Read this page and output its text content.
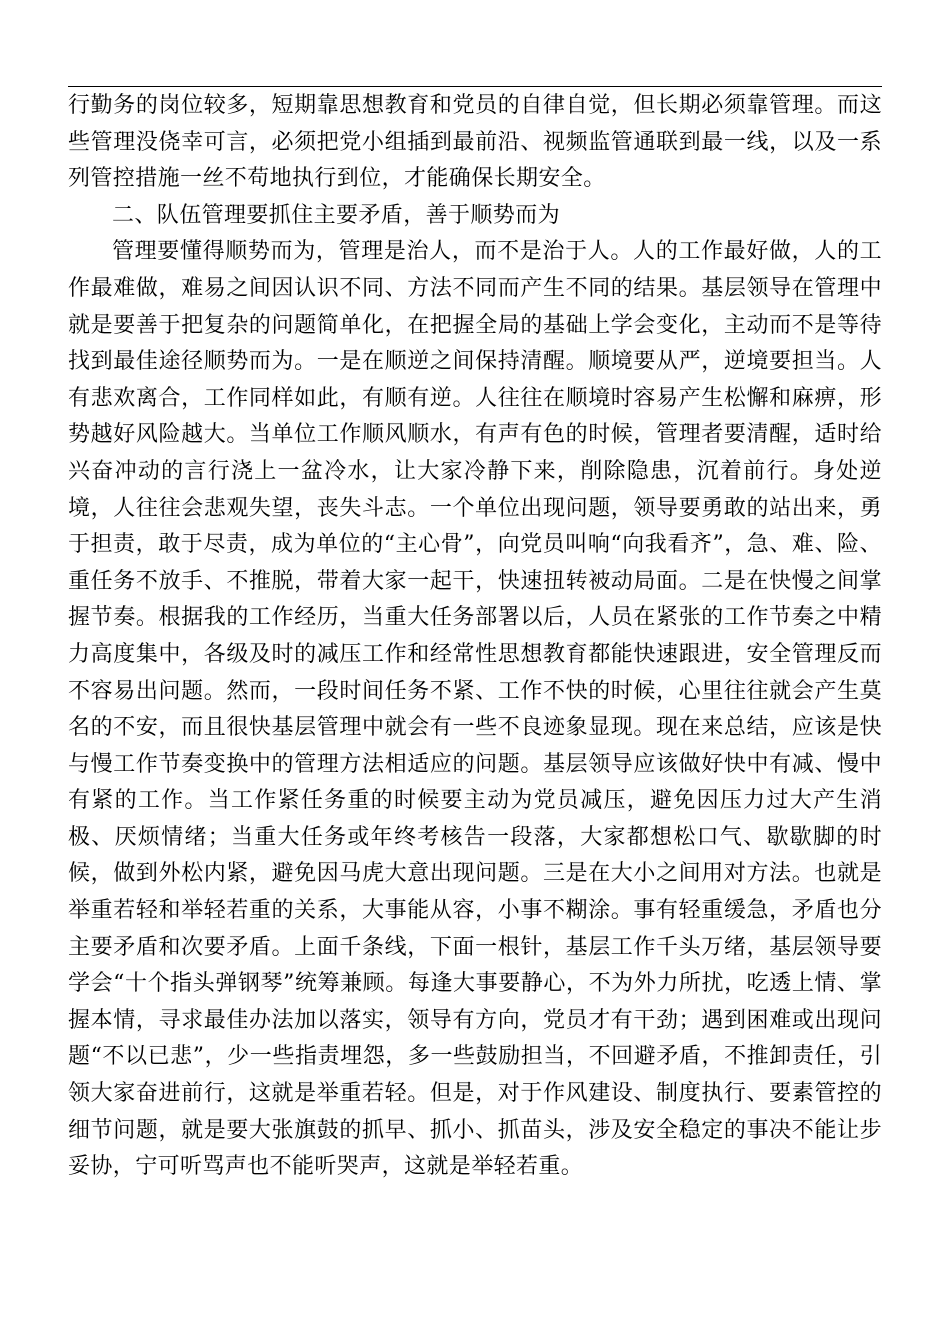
行勤务的岗位较多，短期靠思想教育和党员的自律自觉，但长期必须靠管理。而这些管理没侥幸可言，必须把党小组插到最前沿、视频监管通联到最一线，以及一系列管控措施一丝不苟地执行到位，才能确保长期安全。

二、队伍管理要抓住主要矛盾，善于顺势而为

管理要懂得顺势而为，管理是治人，而不是治于人。人的工作最好做，人的工作最难做，难易之间因认识不同、方法不同而产生不同的结果。基层领导在管理中就是要善于把复杂的问题简单化，在把握全局的基础上学会变化，主动而不是等待找到最佳途径顺势而为。一是在顺逆之间保持清醒。顺境要从严，逆境要担当。人有悲欢离合，工作同样如此，有顺有逆。人往往在顺境时容易产生松懈和麻痹，形势越好风险越大。当单位工作顺风顺水，有声有色的时候，管理者要清醒，适时给兴奋冲动的言行浇上一盆冷水，让大家冷静下来，削除隐患，沉着前行。身处逆境，人往往会悲观失望，丧失斗志。一个单位出现问题，领导要勇敢的站出来，勇于担责，敢于尽责，成为单位的“主心骨”，向党员叫响“向我看齐”，急、难、险、重任务不放手、不推脱，带着大家一起干，快速扭转被动局面。二是在快慢之间掌握节奏。根据我的工作经历，当重大任务部署以后，人员在紧张的工作节奏之中精力高度集中，各级及时的减压工作和经常性思想教育都能快速跟进，安全管理反而不容易出问题。然而，一段时间任务不紧、工作不快的时候，心里往往就会产生莫名的不安，而且很快基层管理中就会有一些不良迹象显现。现在来总结，应该是快与慢工作节奏变换中的管理方法相适应的问题。基层领导应该做好快中有减、慢中有紧的工作。当工作紧任务重的时候要主动为党员减压，避免因压力过大产生消极、厌烦情绪；当重大任务或年终考核告一段落，大家都想松口气、歇歇脚的时候，做到外松内紧，避免因马虎大意出现问题。三是在大小之间用对方法。也就是举重若轻和举轻若重的关系，大事能从容，小事不糊涂。事有轻重缓急，矛盾也分主要矛盾和次要矛盾。上面千条线，下面一根针，基层工作千头万绪，基层领导要学会“十个指头弹钢琴”统筹兼顾。每逢大事要静心，不为外力所扰，吃透上情、掌握本情，寻求最佳办法加以落实，领导有方向，党员才有干劲；遇到困难或出现问题“不以已悲”，少一些指责埋怨，多一些鼓励担当，不回避矛盾，不推卸责任，引领大家奋进前行，这就是举重若轻。但是，对于作风建设、制度执行、要素管控的细节问题，就是要大张旗鼓的抓早、抓小、抓苗头，涉及安全稳定的事决不能让步妥协，宁可听骂声也不能听哭声，这就是举轻若重。
